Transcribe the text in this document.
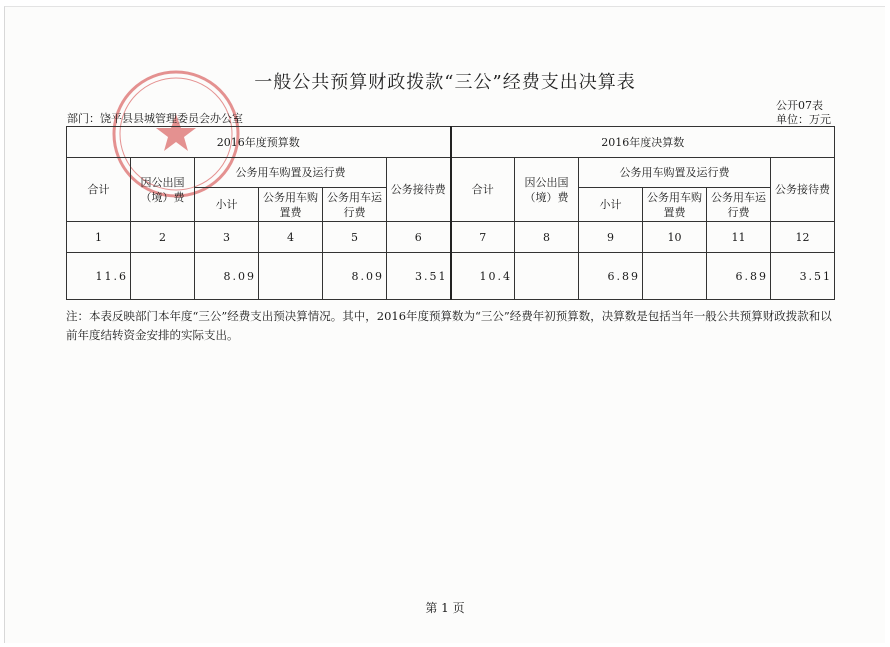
一般公共预算财政拨款“三公”经费支出决算表
公开07表
部门：饶平县县城管理委员会办公室	单位：万元
2016年度预算数						2016年度决算数					
合计	因公出国（境）费	公务用车购置及运行费			公务接待费	合计	因公出国（境）费	公务用车购置及运行费			公务接待费
		小计	公务用车购置费	公务用车运行费				小计	公务用车购置费	公务用车运行费	
1	2	3	4	5	6	7	8	9	10	11	12
11.6		8.09		8.09	3.51	10.4		6.89		6.89	3.51
注：本表反映部门本年度“三公”经费支出预决算情况。其中，2016年度预算数为“三公”经费年初预算数，决算数是包括当年一般公共预算财政拨款和以前年度结转资金安排的实际支出。
第 1 页
